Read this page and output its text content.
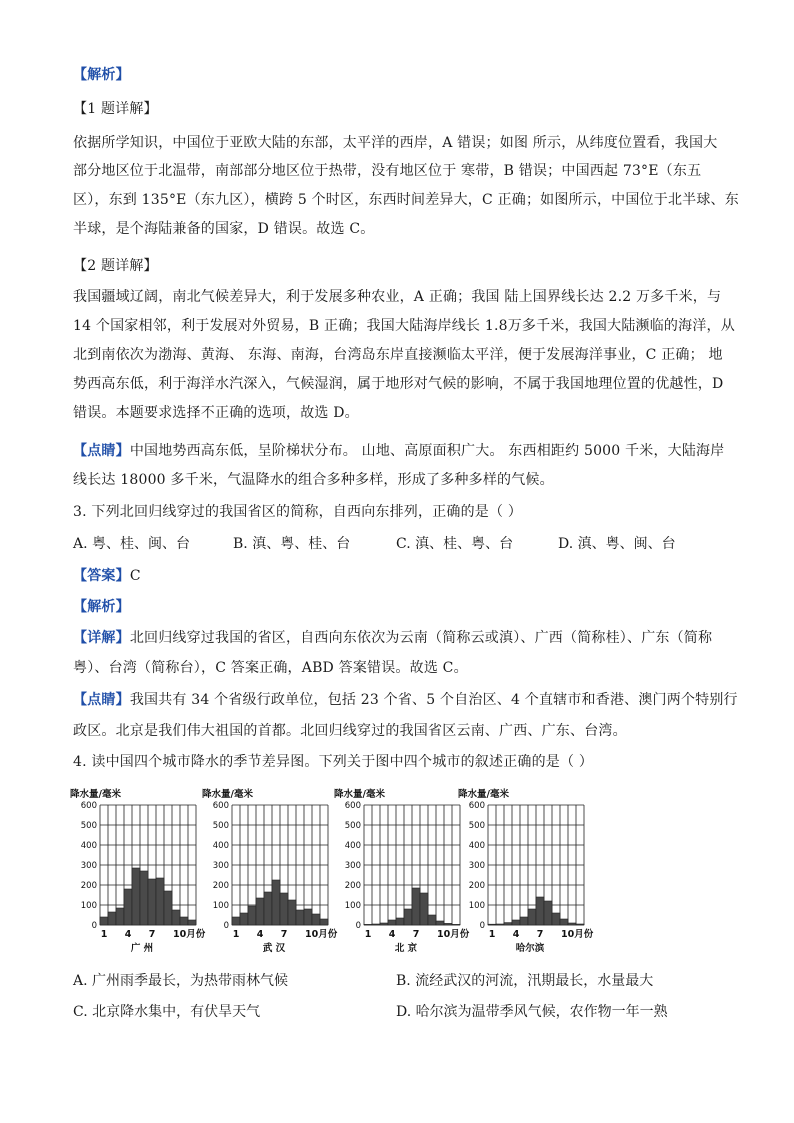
【解析】
【1 题详解】
依据所学知识，中国位于亚欧大陆的东部，太平洋的西岸，A 错误；如图 所示，从纬度位置看，我国大
部分地区位于北温带，南部部分地区位于热带，没有地区位于 寒带，B 错误；中国西起 73°E（东五
区），东到 135°E（东九区），横跨 5 个时区，东西时间差异大，C 正确；如图所示，中国位于北半球、东
半球，是个海陆兼备的国家，D 错误。故选 C。
【2 题详解】
我国疆域辽阔，南北气候差异大，利于发展多种农业，A 正确；我国 陆上国界线长达 2.2 万多千米，与
14 个国家相邻，利于发展对外贸易，B 正确；我国大陆海岸线长 1.8万多千米，我国大陆濒临的海洋，从
北到南依次为渤海、黄海、 东海、南海，台湾岛东岸直接濒临太平洋，便于发展海洋事业，C 正确； 地
势西高东低，利于海洋水汽深入，气候湿润，属于地形对气候的影响，不属于我国地理位置的优越性，D
错误。本题要求选择不正确的选项，故选 D。
【点睛】中国地势西高东低，呈阶梯状分布。 山地、高原面积广大。 东西相距约 5000 千米，大陆海岸
线长达 18000 多千米，气温降水的组合多种多样，形成了多种多样的气候。
3. 下列北回归线穿过的我国省区的简称，自西向东排列，正确的是（ ）
A. 粤、桂、闽、台	B. 滇、粤、桂、台	C. 滇、桂、粤、台	D. 滇、粤、闽、台
【答案】C
【解析】
【详解】北回归线穿过我国的省区，自西向东依次为云南（简称云或滇）、广西（简称桂）、广东（简称
粤）、台湾（简称台），C 答案正确，ABD 答案错误。故选 C。
【点睛】我国共有 34 个省级行政单位，包括 23 个省、5 个自治区、4 个直辖市和香港、澳门两个特别行
政区。北京是我们伟大祖国的首都。北回归线穿过的我国省区云南、广西、广东、台湾。
4. 读中国四个城市降水的季节差异图。下列关于图中四个城市的叙述正确的是（ ）
降水量/毫米
0
100
200
300
400
500
600
1 4 7 10月份
广 州
降水量/毫米
0
100
200
300
400
500
600
1 4 7 10月份
武 汉
降水量/毫米
0
100
200
300
400
500
600
1 4 7 10月份
北 京
降水量/毫米
0
100
200
300
400
500
600
1 4 7 10月份
哈尔滨
A. 广州雨季最长，为热带雨林气候	B. 流经武汉的河流，汛期最长，水量最大
C. 北京降水集中，有伏旱天气	D. 哈尔滨为温带季风气候，农作物一年一熟
